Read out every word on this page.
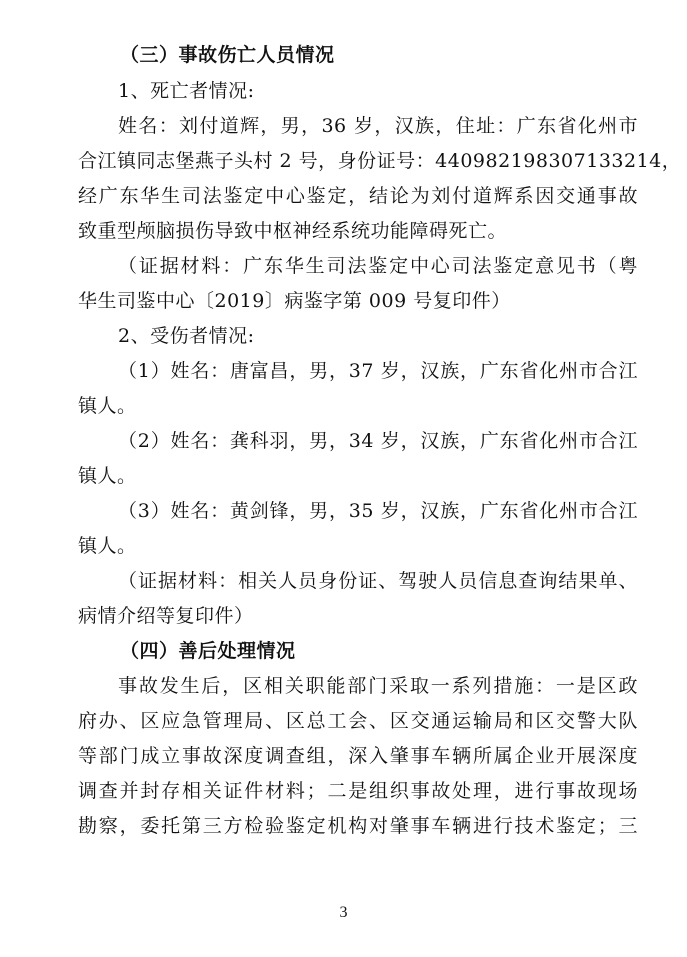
（三）事故伤亡人员情况
1、死亡者情况:
姓名：刘付道辉，男，36 岁，汉族，住址：广东省化州市
合江镇同志堡燕子头村 2 号，身份证号：440982198307133214，
经广东华生司法鉴定中心鉴定，结论为刘付道辉系因交通事故
致重型颅脑损伤导致中枢神经系统功能障碍死亡。
（证据材料：广东华生司法鉴定中心司法鉴定意见书（粤
华生司鉴中心〔2019〕病鉴字第 009 号复印件）
2、受伤者情况:
（1）姓名：唐富昌，男，37 岁，汉族，广东省化州市合江
镇人。
（2）姓名：龚科羽，男，34 岁，汉族，广东省化州市合江
镇人。
（3）姓名：黄剑锋，男，35 岁，汉族，广东省化州市合江
镇人。
（证据材料：相关人员身份证、驾驶人员信息查询结果单、
病情介绍等复印件）
（四）善后处理情况
事故发生后，区相关职能部门采取一系列措施：一是区政
府办、区应急管理局、区总工会、区交通运输局和区交警大队
等部门成立事故深度调查组，深入肇事车辆所属企业开展深度
调查并封存相关证件材料；二是组织事故处理，进行事故现场
勘察，委托第三方检验鉴定机构对肇事车辆进行技术鉴定；三
3
